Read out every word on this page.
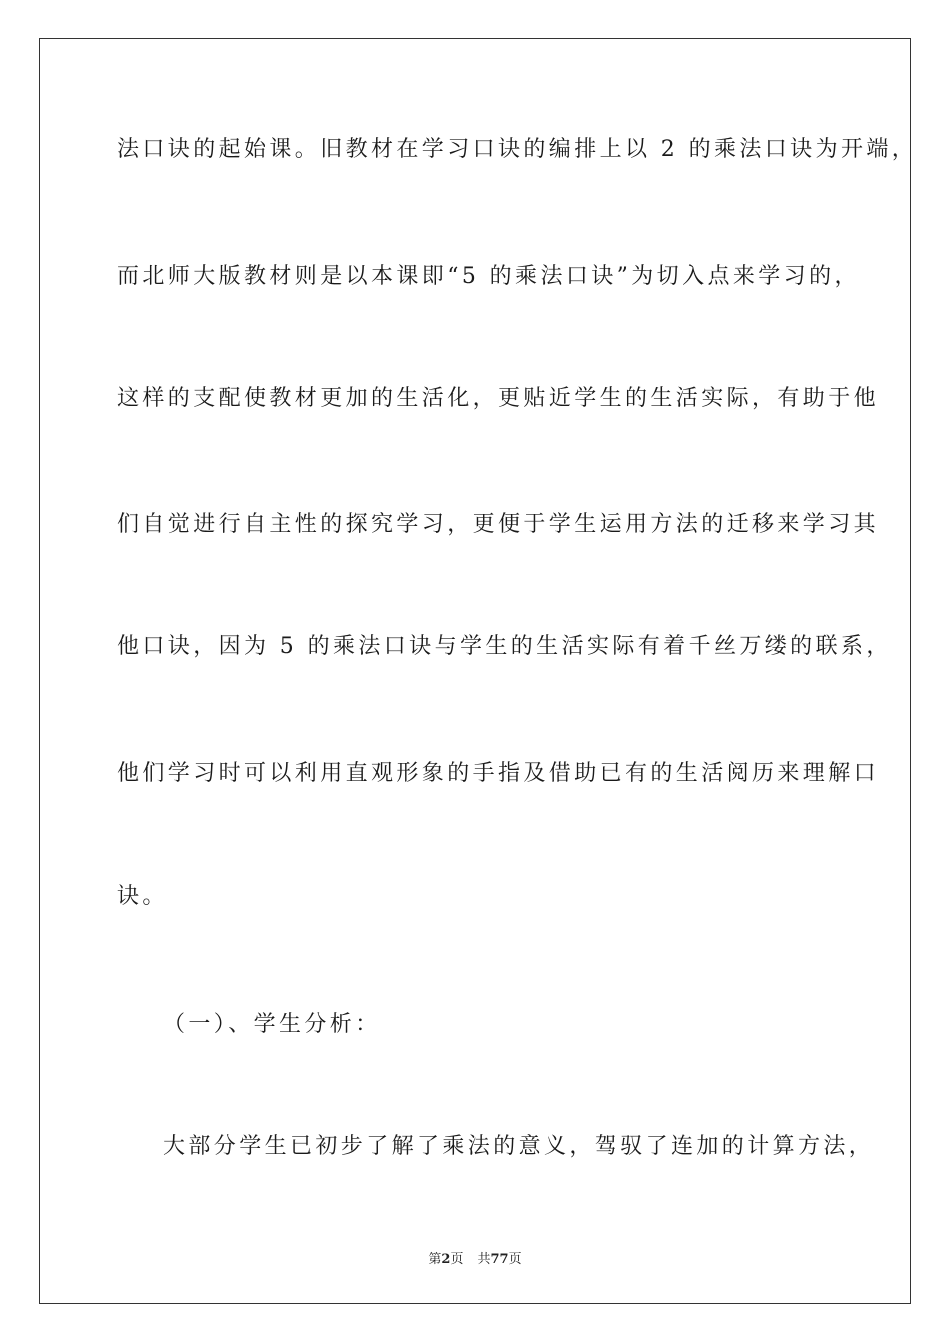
法口诀的起始课。旧教材在学习口诀的编排上以 2 的乘法口诀为开端，
而北师大版教材则是以本课即“5 的乘法口诀”为切入点来学习的，
这样的支配使教材更加的生活化，更贴近学生的生活实际，有助于他
们自觉进行自主性的探究学习，更便于学生运用方法的迁移来学习其
他口诀，因为 5 的乘法口诀与学生的生活实际有着千丝万缕的联系，
他们学习时可以利用直观形象的手指及借助已有的生活阅历来理解口
诀。
（一）、学生分析：
大部分学生已初步了解了乘法的意义，驾驭了连加的计算方法，
第2页 共77页
